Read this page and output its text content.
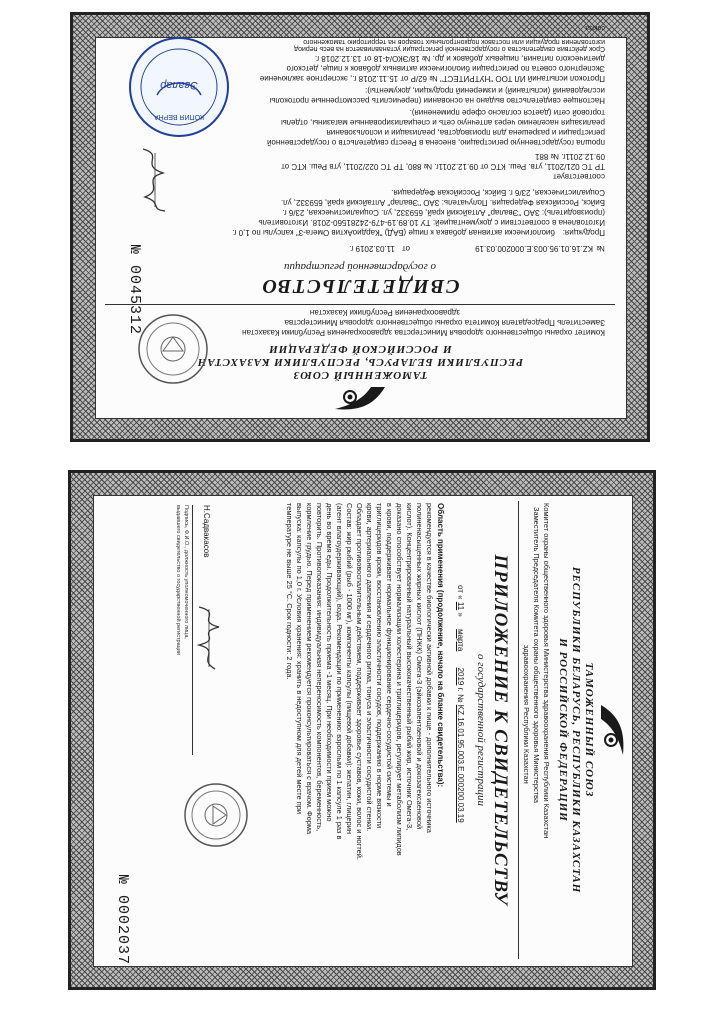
ТАМОЖЕННЫЙ СОЮЗ
РЕСПУБЛИКИ БЕЛАРУСЬ, РЕСПУБЛИКИ КАЗАХСТАН
И РОССИЙСКОЙ ФЕДЕРАЦИИ
Комитет охраны общественного здоровья Министерства здравоохранения Республики Казахстан
Заместитель Председателя Комитета охраны общественного здоровья Министерства
здравоохранения Республики Казахстан
СВИДЕТЕЛЬСТВО
о государственной регистрации
№
KZ.16.01.95.003.E.000200.03.19
от
11.03.2019 г.
Продукция:
биологически активная добавка к пище (БАД) "КардиоАктив Омега-3" капсулы по 1,0 г.
Изготовлена в соответствии с документацией: ТУ 10.89.19-479-24281560-2018. Изготовитель
(производитель): ЗАО "Эвалар" Алтайский край, 659332, ул. Социалистическая, 23/6 г.
Бийск, Российская Федерация. Получатель: ЗАО "Эвалар" Алтайский край, 659332, ул.
Социалистическая, 23/6 г. Бийск, Российская Федерация.
соответствует
ТР ТС 021/2011, утв. Реш. КТС от 09.12.2011г. № 880, ТР ТС 022/2011, утв Реш. КТС от
09.12.2011г. № 881
прошла государственную регистрацию, внесена в Реестр свидетельств о государственной
регистрации и разрешена для производства, реализации и использования
реализация населению через аптечную сеть и специализированные магазины, отделы
торговой сети (дается согласно сфере применения).
Настоящее свидетельство выдано на основании (перечислить рассмотренные протоколы
исследований (испытаний) и измерений продукции, документы):
Протокол испытаний ИЛ ТОО "НУТРИТЕСТ" № 62/Р от 15.11.2018 г., экспертное заключение
Экспертного совета по регистрации биологически активных добавок к пище, детского
диетического питания, пищевых добавок и др. № 18/ЭКО/4-18 от 13.12.2018 г.
Срок действия свидетельства о государственной регистрации устанавливается на весь период
изготовления продукции или поставок подконтрольных товаров на территорию таможенного
союза
№ 0045312
Эвалар
КОПИЯ ВЕРНА
ТАМОЖЕННЫЙ СОЮЗ
РЕСПУБЛИКИ БЕЛАРУСЬ, РЕСПУБЛИКИ КАЗАХСТАН
И РОССИЙСКОЙ ФЕДЕРАЦИИ
Комитет охраны общественного здоровья Министерства здравоохранения Республики Казахстан
Заместитель Председателя Комитета охраны общественного здоровья Министерства
здравоохранения Республики Казахстан
ПРИЛОЖЕНИЕ К СВИДЕТЕЛЬСТВУ
о государственной регистрации
от « 11 » марта 2019 г. № KZ.16.01.95.003.E.000200.03.19
Область применения (продолжение, начало на бланке свидетельства):
рекомендуется в качестве биологически активной добавки к пище - дополнительного источника
полиненасыщенных жирных кислот (ПНЖК) Омега-3 (эйкозапентаеновой и докозагексаеновой
кислот). Концентрированный натуральный высококачественный рыбий жир, источник Омега-3,
доказано способствует нормализации холестерина и триглицеридов, регулирует метаболизм липидов
в крови, поддерживает нормальное функционирование сердечно-сосудистой системы и
триглицеридов крови, восстановлению эластичности сосудов, поддержанию в норме вязкости
крови, артериального давления и сердечного ритма, тонуса и эластичности сосудистой стенки.
Обладает противовоспалительным действием, поддерживает здоровье суставов, кожи, волос и ногтей.
Состав: жир рыбий (рыб - 1000 мг), компоненты капсулы (пищевой добавки): желатин, глицерин
(агент влагоудерживающий), вода. Рекомендации по применению: взрослым по 1 капсуле 1 раз в
день во время еды. Продолжительность приема -1 месяц. При необходимости прием можно
повторить. Противопоказания: индивидуальная непереносимость компонентов, беременность,
кормление грудью. Перед применением рекомендуется проконсультироваться с врачом. Форма
выпуска: капсулы по 1,0 г. Условия хранения: хранить в недоступном для детей месте при
температуре не выше 25 °С. Срок годности: 2 года.
Н.Садвакасов
Подпись, Ф.И.О., должность уполномоченного лица,
выдавшего свидетельство о государственной регистрации
№ 0002037
